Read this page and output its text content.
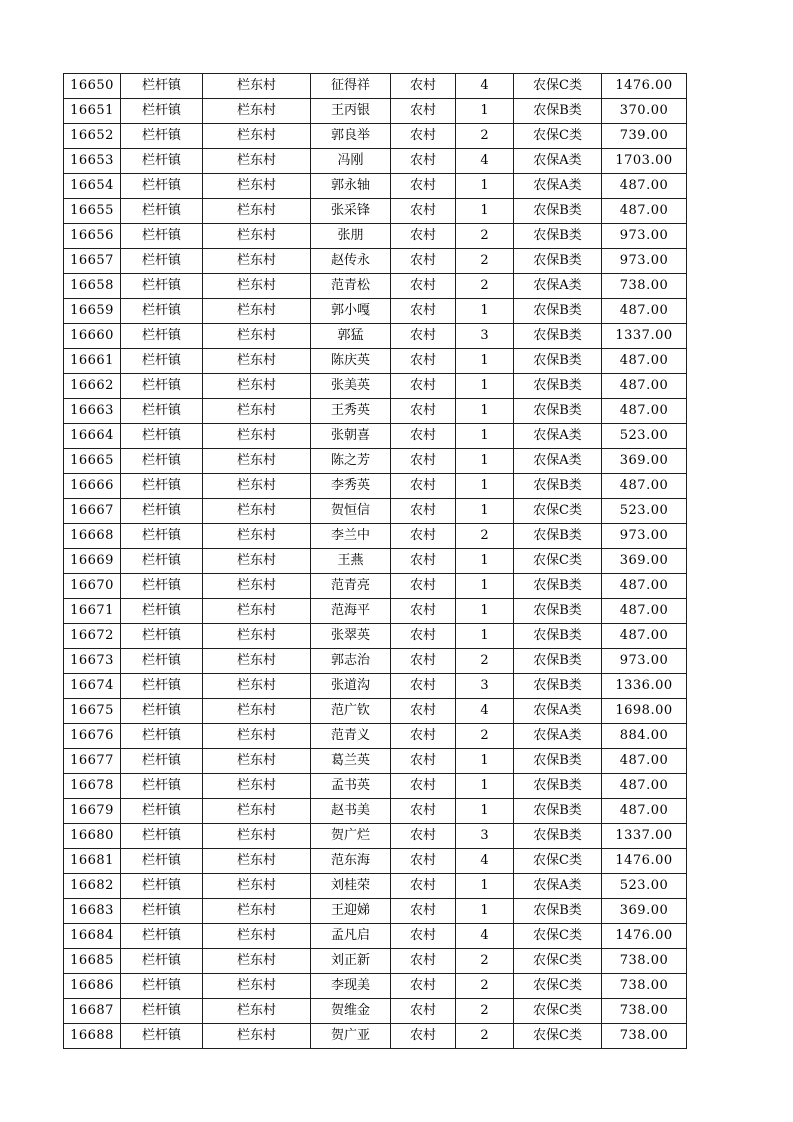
16650	栏杆镇	栏东村	征得祥	农村	4	农保C类	1476.00
16651	栏杆镇	栏东村	王丙银	农村	1	农保B类	370.00
16652	栏杆镇	栏东村	郭良举	农村	2	农保C类	739.00
16653	栏杆镇	栏东村	冯刚	农村	4	农保A类	1703.00
16654	栏杆镇	栏东村	郭永轴	农村	1	农保A类	487.00
16655	栏杆镇	栏东村	张采锋	农村	1	农保B类	487.00
16656	栏杆镇	栏东村	张朋	农村	2	农保B类	973.00
16657	栏杆镇	栏东村	赵传永	农村	2	农保B类	973.00
16658	栏杆镇	栏东村	范青松	农村	2	农保A类	738.00
16659	栏杆镇	栏东村	郭小嘎	农村	1	农保B类	487.00
16660	栏杆镇	栏东村	郭猛	农村	3	农保B类	1337.00
16661	栏杆镇	栏东村	陈庆英	农村	1	农保B类	487.00
16662	栏杆镇	栏东村	张美英	农村	1	农保B类	487.00
16663	栏杆镇	栏东村	王秀英	农村	1	农保B类	487.00
16664	栏杆镇	栏东村	张朝喜	农村	1	农保A类	523.00
16665	栏杆镇	栏东村	陈之芳	农村	1	农保A类	369.00
16666	栏杆镇	栏东村	李秀英	农村	1	农保B类	487.00
16667	栏杆镇	栏东村	贺恒信	农村	1	农保C类	523.00
16668	栏杆镇	栏东村	李兰中	农村	2	农保B类	973.00
16669	栏杆镇	栏东村	王燕	农村	1	农保C类	369.00
16670	栏杆镇	栏东村	范青亮	农村	1	农保B类	487.00
16671	栏杆镇	栏东村	范海平	农村	1	农保B类	487.00
16672	栏杆镇	栏东村	张翠英	农村	1	农保B类	487.00
16673	栏杆镇	栏东村	郭志治	农村	2	农保B类	973.00
16674	栏杆镇	栏东村	张道沟	农村	3	农保B类	1336.00
16675	栏杆镇	栏东村	范广钦	农村	4	农保A类	1698.00
16676	栏杆镇	栏东村	范青义	农村	2	农保A类	884.00
16677	栏杆镇	栏东村	葛兰英	农村	1	农保B类	487.00
16678	栏杆镇	栏东村	孟书英	农村	1	农保B类	487.00
16679	栏杆镇	栏东村	赵书美	农村	1	农保B类	487.00
16680	栏杆镇	栏东村	贺广烂	农村	3	农保B类	1337.00
16681	栏杆镇	栏东村	范东海	农村	4	农保C类	1476.00
16682	栏杆镇	栏东村	刘桂荣	农村	1	农保A类	523.00
16683	栏杆镇	栏东村	王迎娣	农村	1	农保B类	369.00
16684	栏杆镇	栏东村	孟凡启	农村	4	农保C类	1476.00
16685	栏杆镇	栏东村	刘正新	农村	2	农保C类	738.00
16686	栏杆镇	栏东村	李现美	农村	2	农保C类	738.00
16687	栏杆镇	栏东村	贺维金	农村	2	农保C类	738.00
16688	栏杆镇	栏东村	贺广亚	农村	2	农保C类	738.00
